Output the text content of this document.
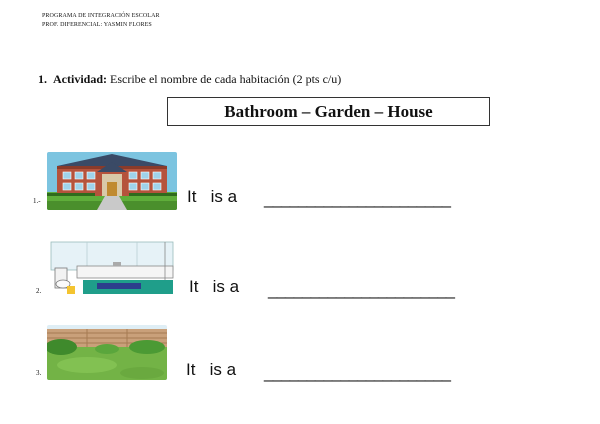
PROGRAMA DE INTEGRACIÓN ESCOLAR
PROF. DIFERENCIAL: YASMIN FLORES
1. Actividad: Escribe el nombre de cada habitación (2 pts c/u)
Bathroom – Garden – House
1.-	It   is a ______________________
2.	It   is a ______________________
3.	It   is a ______________________
